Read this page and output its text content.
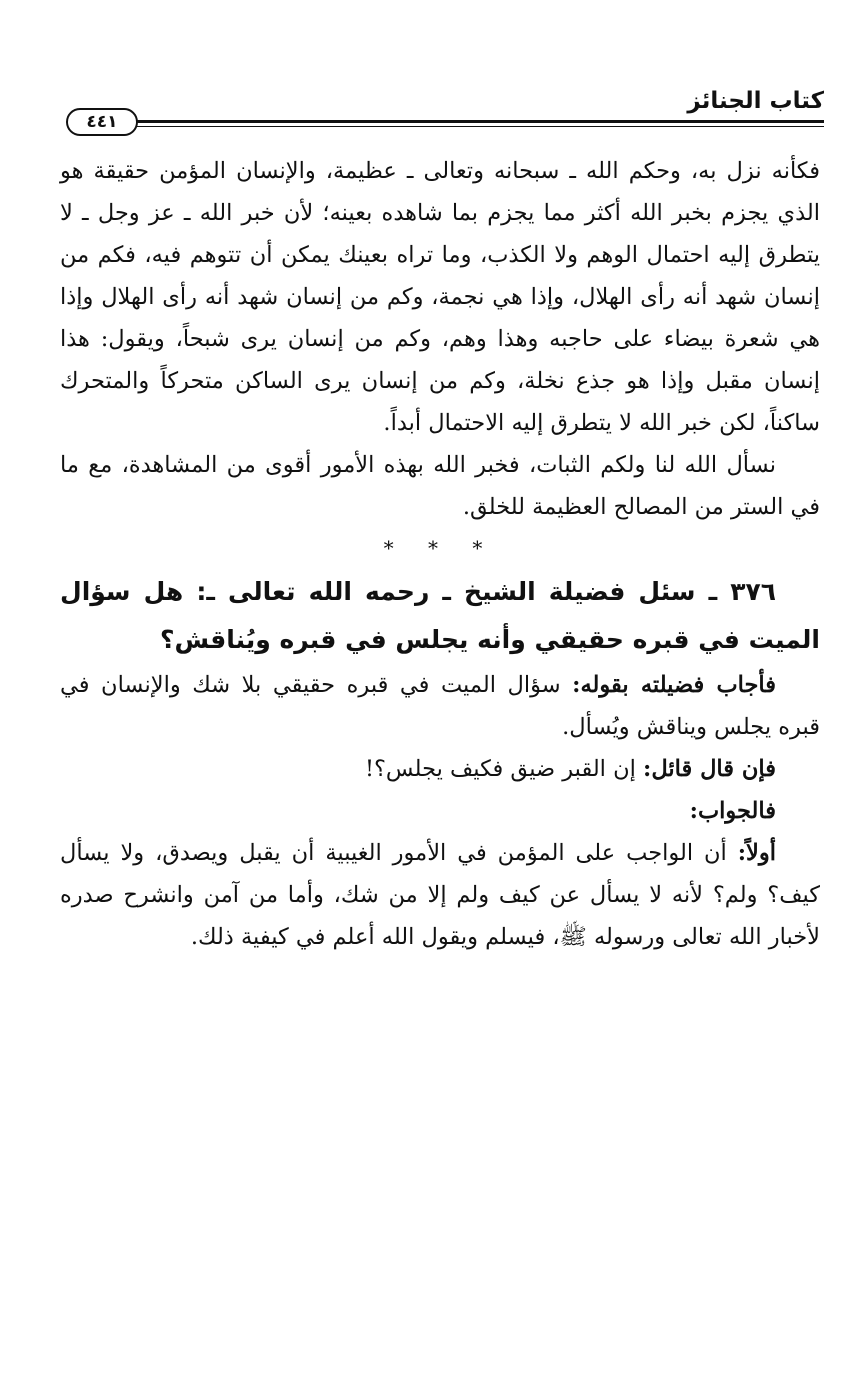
كتاب الجنائز
٤٤١

فكأنه نزل به، وحكم الله ـ سبحانه وتعالى ـ عظيمة، والإنسان المؤمن حقيقة هو الذي يجزم بخبر الله أكثر مما يجزم بما شاهده بعينه؛ لأن خبر الله ـ عز وجل ـ لا يتطرق إليه احتمال الوهم ولا الكذب، وما تراه بعينك يمكن أن تتوهم فيه، فكم من إنسان شهد أنه رأى الهلال، وإذا هي نجمة، وكم من إنسان شهد أنه رأى الهلال وإذا هي شعرة بيضاء على حاجبه وهذا وهم، وكم من إنسان يرى شبحاً، ويقول: هذا إنسان مقبل وإذا هو جذع نخلة، وكم من إنسان يرى الساكن متحركاً والمتحرك ساكناً، لكن خبر الله لا يتطرق إليه الاحتمال أبداً.

نسأل الله لنا ولكم الثبات، فخبر الله بهذه الأمور أقوى من المشاهدة، مع ما في الستر من المصالح العظيمة للخلق.

* * *

٣٧٦ ـ سئل فضيلة الشيخ ـ رحمه الله تعالى ـ: هل سؤال الميت في قبره حقيقي وأنه يجلس في قبره ويُناقش؟

فأجاب فضيلته بقوله: سؤال الميت في قبره حقيقي بلا شك والإنسان في قبره يجلس ويناقش ويُسأل.

فإن قال قائل: إن القبر ضيق فكيف يجلس؟!

فالجواب:

أولاً: أن الواجب على المؤمن في الأمور الغيبية أن يقبل ويصدق، ولا يسأل كيف؟ ولم؟ لأنه لا يسأل عن كيف ولم إلا من شك، وأما من آمن وانشرح صدره لأخبار الله تعالى ورسوله ﷺ، فيسلم ويقول الله أعلم في كيفية ذلك.
